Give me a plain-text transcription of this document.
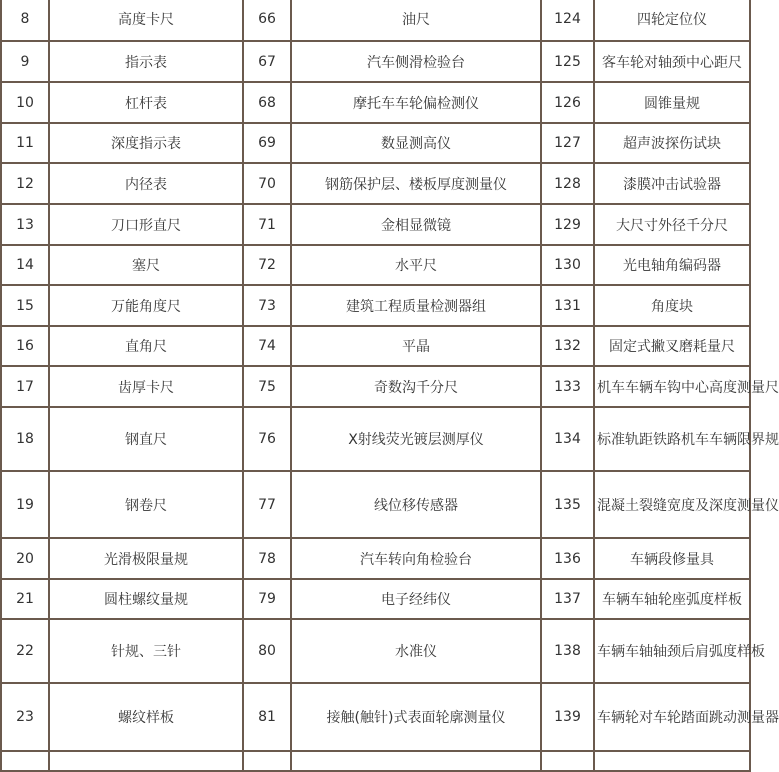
8	高度卡尺	66	油尺	124	四轮定位仪
9	指示表	67	汽车侧滑检验台	125	客车轮对轴颈中心距尺
10	杠杆表	68	摩托车车轮偏检测仪	126	圆锥量规
11	深度指示表	69	数显测高仪	127	超声波探伤试块
12	内径表	70	钢筋保护层、楼板厚度测量仪	128	漆膜冲击试验器
13	刀口形直尺	71	金相显微镜	129	大尺寸外径千分尺
14	塞尺	72	水平尺	130	光电轴角编码器
15	万能角度尺	73	建筑工程质量检测器组	131	角度块
16	直角尺	74	平晶	132	固定式撇叉磨耗量尺
17	齿厚卡尺	75	奇数沟千分尺	133	机车车辆车钩中心高度测量尺
18	钢直尺	76	X射线荧光镀层测厚仪	134	标准轨距铁路机车车辆限界规
19	钢卷尺	77	线位移传感器	135	混凝土裂缝宽度及深度测量仪
20	光滑极限量规	78	汽车转向角检验台	136	车辆段修量具
21	圆柱螺纹量规	79	电子经纬仪	137	车辆车轴轮座弧度样板
22	针规、三针	80	水准仪	138	车辆车轴轴颈后肩弧度样板
23	螺纹样板	81	接触(触针)式表面轮廓测量仪	139	车辆轮对车轮踏面跳动测量器
